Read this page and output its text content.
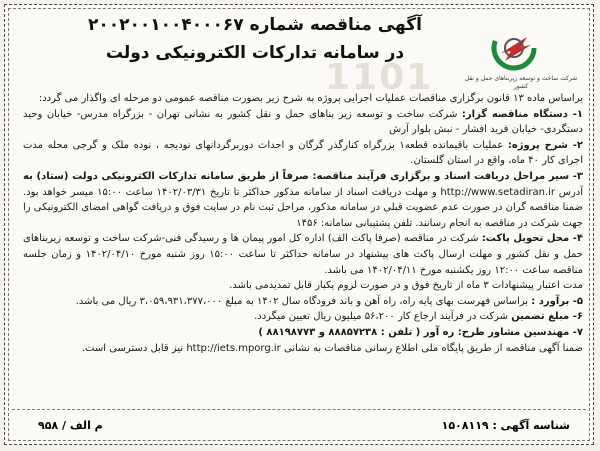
شرکت ساخت و توسعه زیربناهای حمل و نقل کشور
1101
آگهی مناقصه شماره ۲۰۰۲۰۰۱۰۰۴۰۰۰۶۷
در سامانه تدارکات الکترونیکی دولت

براساس ماده ۱۳ قانون برگزاری مناقصات عملیات اجرایی پروژه به شرح زیر بصورت مناقصه عمومی دو مرحله ای واگذار می گردد:

۱- دستگاه مناقصه گزار: شرکت ساخت و توسعه زیر بناهای حمل و نقل کشور به نشانی تهران - بزرگراه مدرس- خیابان وحید دستگردی- خیابان فرید افشار - نبش بلوار آرش

۲- شرح پروژه: عملیات باقیمانده قطعه۱ بزرگراه کنارگذر گرگان و احداث دوربرگردانهای نودیجه ، نوده ملک و گرجی محله مدت اجرای کار ۴۰ ماه، واقع در استان گلستان.

۳- سیر مراحل دریافت اسناد و برگزاری فرآیند مناقصه: صرفاً از طریق سامانه تدارکات الکترونیکی دولت (ستاد) به آدرس http://www.setadiran.ir و مهلت دریافت اسناد از سامانه مذکور حداکثر تا تاریخ ۱۴۰۲/۰۳/۳۱ ساعت ۱۵:۰۰ میسر خواهد بود. ضمنا مناقصه گران در صورت عدم عضویت قبلی در سامانه مذکور، مراحل ثبت نام در سایت فوق و دریافت گواهی امضای الکترونیکی را جهت شرکت در مناقصه به انجام رسانند. تلفن پشتیبانی سامانه: ۱۴۵۶

۴- محل تحویل پاکت: شرکت در مناقصه (صرفا پاکت الف) اداره کل امور پیمان ها و رسیدگی فنی-شرکت ساخت و توسعه زیربناهای حمل و نقل کشور و مهلت ارسال پاکت های پیشنهاد در سامانه حداکثر تا ساعت ۱۵:۰۰ روز شنبه مورخ ۱۴۰۲/۰۴/۱۰ و زمان جلسه مناقصه ساعت ۱۲:۰۰ روز یکشنبه مورخ ۱۴۰۲/۰۴/۱۱ می باشد.

مدت اعتبار پیشنهادات ۳ ماه از تاریخ فوق و در صورت لزوم یکبار قابل تمدیدمی باشد.

۵- برآورد : براساس فهرست بهای پایه راه، راه آهن و باند فرودگاه سال ۱۴۰۲ به مبلغ ۳،۰۵۹،۹۳۱،۳۷۷،۰۰۰ ریال می باشد.

۶- مبلغ تضمین شرکت در فرآیند ارجاع کار ۵۶،۲۰۰ میلیون ریال تعیین میگردد.

۷- مهندسین مشاور طرح: ره آور ( تلفن : ۸۸۸۵۷۲۳۸ و ۸۸۱۹۸۷۷۳ )

ضمنا آگهی مناقصه از طریق پایگاه ملی اطلاع رسانی مناقصات به نشانی http://iets.mporg.ir نیز قابل دسترسی است.

شناسه آگهی : ۱۵۰۸۱۱۹
م الف / ۹۵۸
